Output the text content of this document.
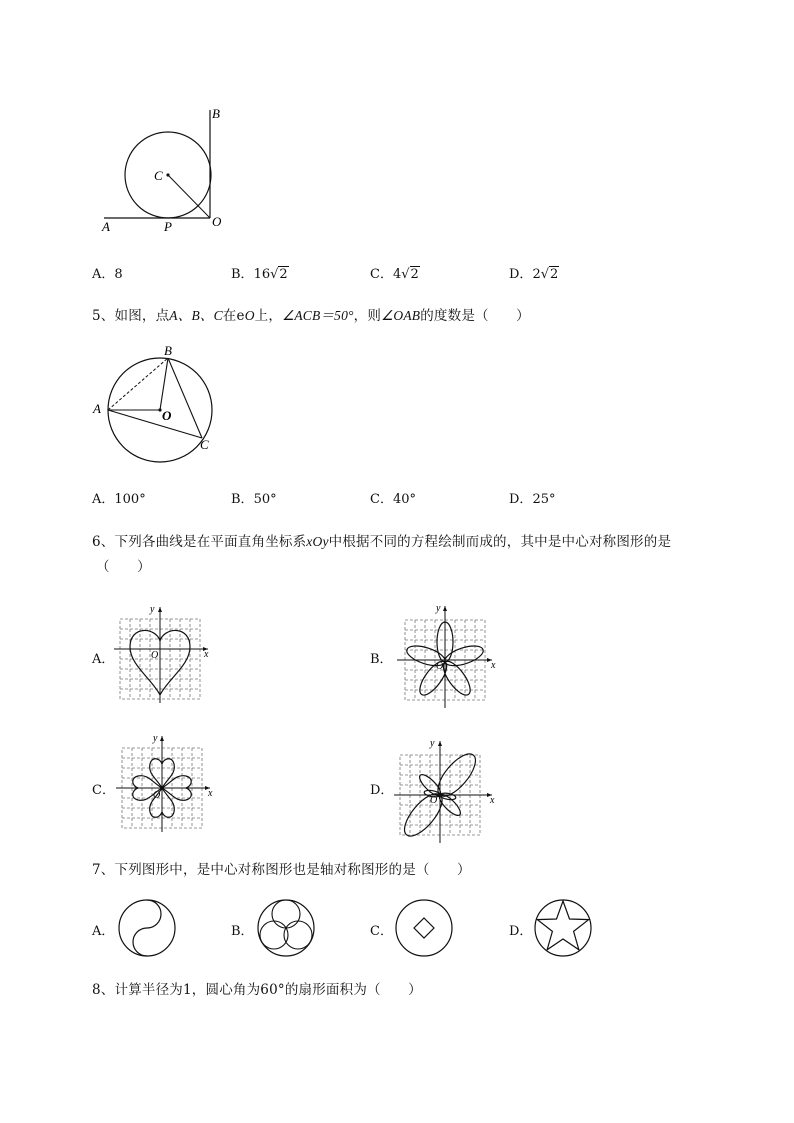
B
C
O
A	P
A．8	B．16√2	C．4√2	D．2√2
5、如图，点A、B、C在eO上，∠ACB＝50°，则∠OAB的度数是（　　）
B
A	O
C
A．100°	B．50°	C．40°	D．25°
6、下列各曲线是在平面直角坐标系xOy中根据不同的方程绘制而成的，其中是中心对称图形的是
（　　）
A．	x
y
O	B．	x
y
O
C．	x
y
O	D．
x
y
O
7、下列图形中，是中心对称图形也是轴对称图形的是（　　）
A．	B．	C．	D．
8、计算半径为1，圆心角为60°的扇形面积为（　　）
